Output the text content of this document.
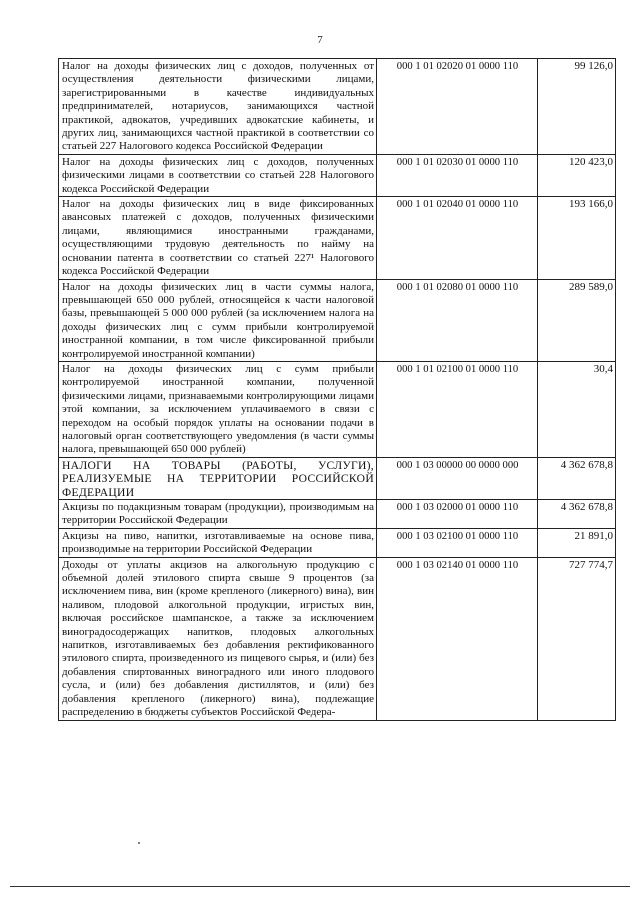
7
Налог на доходы физических лиц с доходов, полученных от осуществления деятельности физическими лицами, зарегистрированными в качестве индивидуальных предпринимателей, нотариусов, занимающихся частной практикой, адвокатов, учредивших адвокатские кабинеты, и других лиц, занимающихся частной практикой в соответствии со статьей 227 Налогового кодекса Российской Федерации	000 1 01 02020 01 0000 110	99 126,0
Налог на доходы физических лиц с доходов, полученных физическими лицами в соответствии со статьей 228 Налогового кодекса Российской Федерации	000 1 01 02030 01 0000 110	120 423,0
Налог на доходы физических лиц в виде фиксированных авансовых платежей с доходов, полученных физическими лицами, являющимися иностранными гражданами, осуществляющими трудовую деятельность по найму на основании патента в соответствии со статьей 227¹ Налогового кодекса Российской Федерации	000 1 01 02040 01 0000 110	193 166,0
Налог на доходы физических лиц в части суммы налога, превышающей 650 000 рублей, относящейся к части налоговой базы, превышающей 5 000 000 рублей (за исключением налога на доходы физических лиц с сумм прибыли контролируемой иностранной компании, в том числе фиксированной прибыли контролируемой иностранной компании)	000 1 01 02080 01 0000 110	289 589,0
Налог на доходы физических лиц с сумм прибыли контролируемой иностранной компании, полученной физическими лицами, признаваемыми контролирующими лицами этой компании, за исключением уплачиваемого в связи с переходом на особый порядок уплаты на основании подачи в налоговый орган соответствующего уведомления (в части суммы налога, превышающей 650 000 рублей)	000 1 01 02100 01 0000 110	30,4
НАЛОГИ НА ТОВАРЫ (РАБОТЫ, УСЛУГИ), РЕАЛИЗУЕМЫЕ НА ТЕРРИТОРИИ РОССИЙСКОЙ ФЕДЕРАЦИИ	000 1 03 00000 00 0000 000	4 362 678,8
Акцизы по подакцизным товарам (продукции), производимым на территории Российской Федерации	000 1 03 02000 01 0000 110	4 362 678,8
Акцизы на пиво, напитки, изготавливаемые на основе пива, производимые на территории Российской Федерации	000 1 03 02100 01 0000 110	21 891,0
Доходы от уплаты акцизов на алкогольную продукцию с объемной долей этилового спирта свыше 9 процентов (за исключением пива, вин (кроме крепленого (ликерного) вина), вин наливом, плодовой алкогольной продукции, игристых вин, включая российское шампанское, а также за исключением виноградосодержащих напитков, плодовых алкогольных напитков, изготавливаемых без добавления ректификованного этилового спирта, произведенного из пищевого сырья, и (или) без добавления спиртованных виноградного или иного плодового сусла, и (или) без добавления дистиллятов, и (или) без добавления крепленого (ликерного) вина), подлежащие распределению в бюджеты субъектов Российской Федера-	000 1 03 02140 01 0000 110	727 774,7
